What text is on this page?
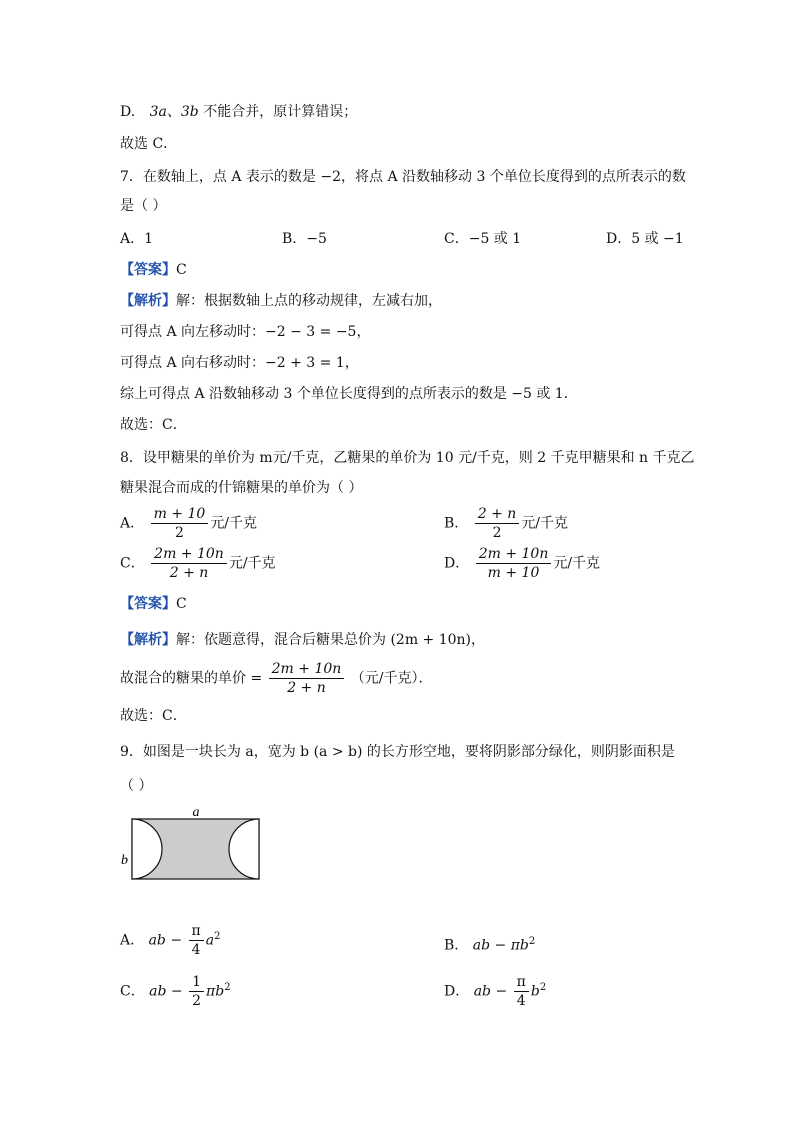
D. 3a、3b 不能合并，原计算错误；
故选 C．
7．在数轴上，点 A 表示的数是 −2，将点 A 沿数轴移动 3 个单位长度得到的点所表示的数
是（ ）
A．1	B．−5	C．−5 或 1	D．5 或 −1
【答案】C
【解析】解：根据数轴上点的移动规律，左减右加，
可得点 A 向左移动时：−2 − 3 = −5，
可得点 A 向右移动时：−2 + 3 = 1，
综上可得点 A 沿数轴移动 3 个单位长度得到的点所表示的数是 −5 或 1．
故选：C．
8．设甲糖果的单价为 m元/千克，乙糖果的单价为 10 元/千克，则 2 千克甲糖果和 n 千克乙
糖果混合而成的什锦糖果的单价为（ ）
A． $\frac{m + 10}{2}$ 元/千克	B． $\frac{2 + n}{2}$ 元/千克
C． $\frac{2m + 10n}{2 + n}$ 元/千克	D． $\frac{2m + 10n}{m + 10}$ 元/千克
【答案】C
【解析】解：依题意得，混合后糖果总价为 (2m + 10n)，
故混合的糖果的单价 = $\frac{2m + 10n}{2 + n}$ （元/千克）．
故选：C．
9．如图是一块长为 a，宽为 b (a > b) 的长方形空地，要将阴影部分绿化，则阴影面积是
（ ）
a
b
A． ab − $\frac{\pi}{4} a^2$
B． ab − $\pi b^2$
C． ab − $\frac{1}{2} \pi b^2$	D． ab − $\frac{\pi}{4} b^2$
